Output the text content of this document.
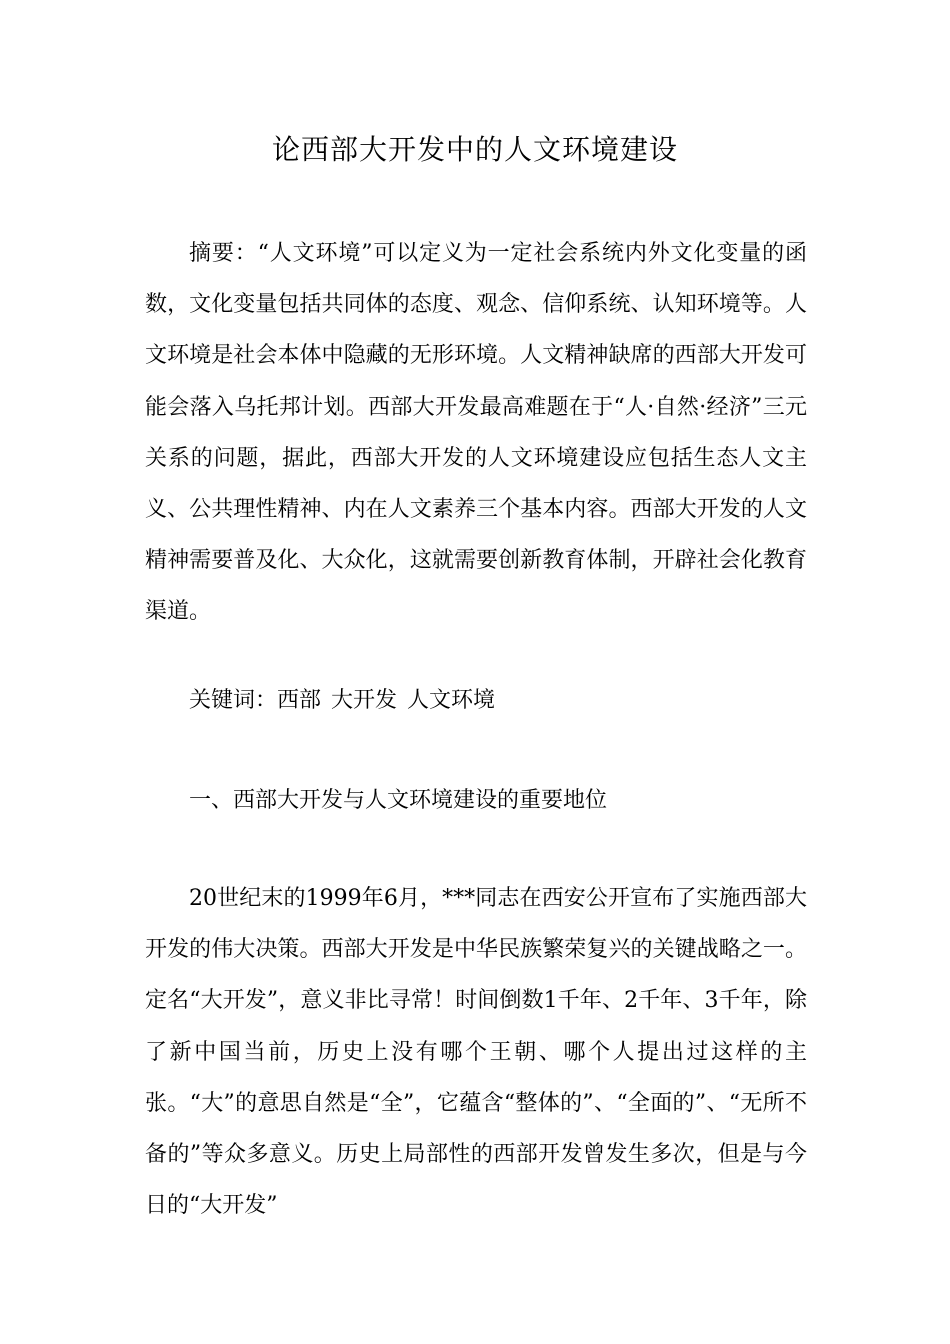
论西部大开发中的人文环境建设

摘要：“人文环境”可以定义为一定社会系统内外文化变量的函数，文化变量包括共同体的态度、观念、信仰系统、认知环境等。人文环境是社会本体中隐藏的无形环境。人文精神缺席的西部大开发可能会落入乌托邦计划。西部大开发最高难题在于“人·自然·经济”三元关系的问题，据此，西部大开发的人文环境建设应包括生态人文主义、公共理性精神、内在人文素养三个基本内容。西部大开发的人文精神需要普及化、大众化，这就需要创新教育体制，开辟社会化教育渠道。

关键词：西部 大开发 人文环境

一、西部大开发与人文环境建设的重要地位

20世纪末的1999年6月，***同志在西安公开宣布了实施西部大开发的伟大决策。西部大开发是中华民族繁荣复兴的关键战略之一。定名“大开发”，意义非比寻常！时间倒数1千年、2千年、3千年，除了新中国当前，历史上没有哪个王朝、哪个人提出过这样的主张。“大”的意思自然是“全”，它蕴含“整体的”、“全面的”、“无所不备的”等众多意义。历史上局部性的西部开发曾发生多次，但是与今日的“大开发”
